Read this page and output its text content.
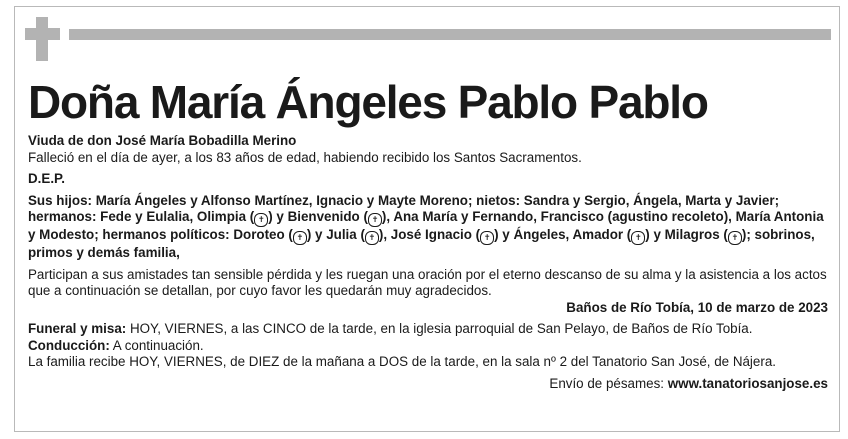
Doña María Ángeles Pablo Pablo

Viuda de don José María Bobadilla Merino

Falleció en el día de ayer, a los 83 años de edad, habiendo recibido los Santos Sacramentos.

D.E.P.

Sus hijos: María Ángeles y Alfonso Martínez, Ignacio y Mayte Moreno; nietos: Sandra y Sergio, Ángela, Marta y Javier; hermanos: Fede y Eulalia, Olimpia ( ✝ ) y Bienvenido ( ✝ ), Ana María y Fernando, Francisco (agustino recoleto), María Antonia y Modesto; hermanos políticos: Doroteo ( ✝ ) y Julia ( ✝ ), José Ignacio ( ✝ ) y Ángeles, Amador ( ✝ ) y Milagros ( ✝ ); sobrinos, primos y demás familia,

Participan a sus amistades tan sensible pérdida y les ruegan una oración por el eterno descanso de su alma y la asistencia a los actos que a continuación se detallan, por cuyo favor les quedarán muy agradecidos.

Baños de Río Tobía, 10 de marzo de 2023

Funeral y misa: HOY, VIERNES, a las CINCO de la tarde, en la iglesia parroquial de San Pelayo, de Baños de Río Tobía.

Conducción: A continuación.

La familia recibe HOY, VIERNES, de DIEZ de la mañana a DOS de la tarde, en la sala nº 2 del Tanatorio San José, de Nájera.

Envío de pésames: www.tanatoriosanjose.es
